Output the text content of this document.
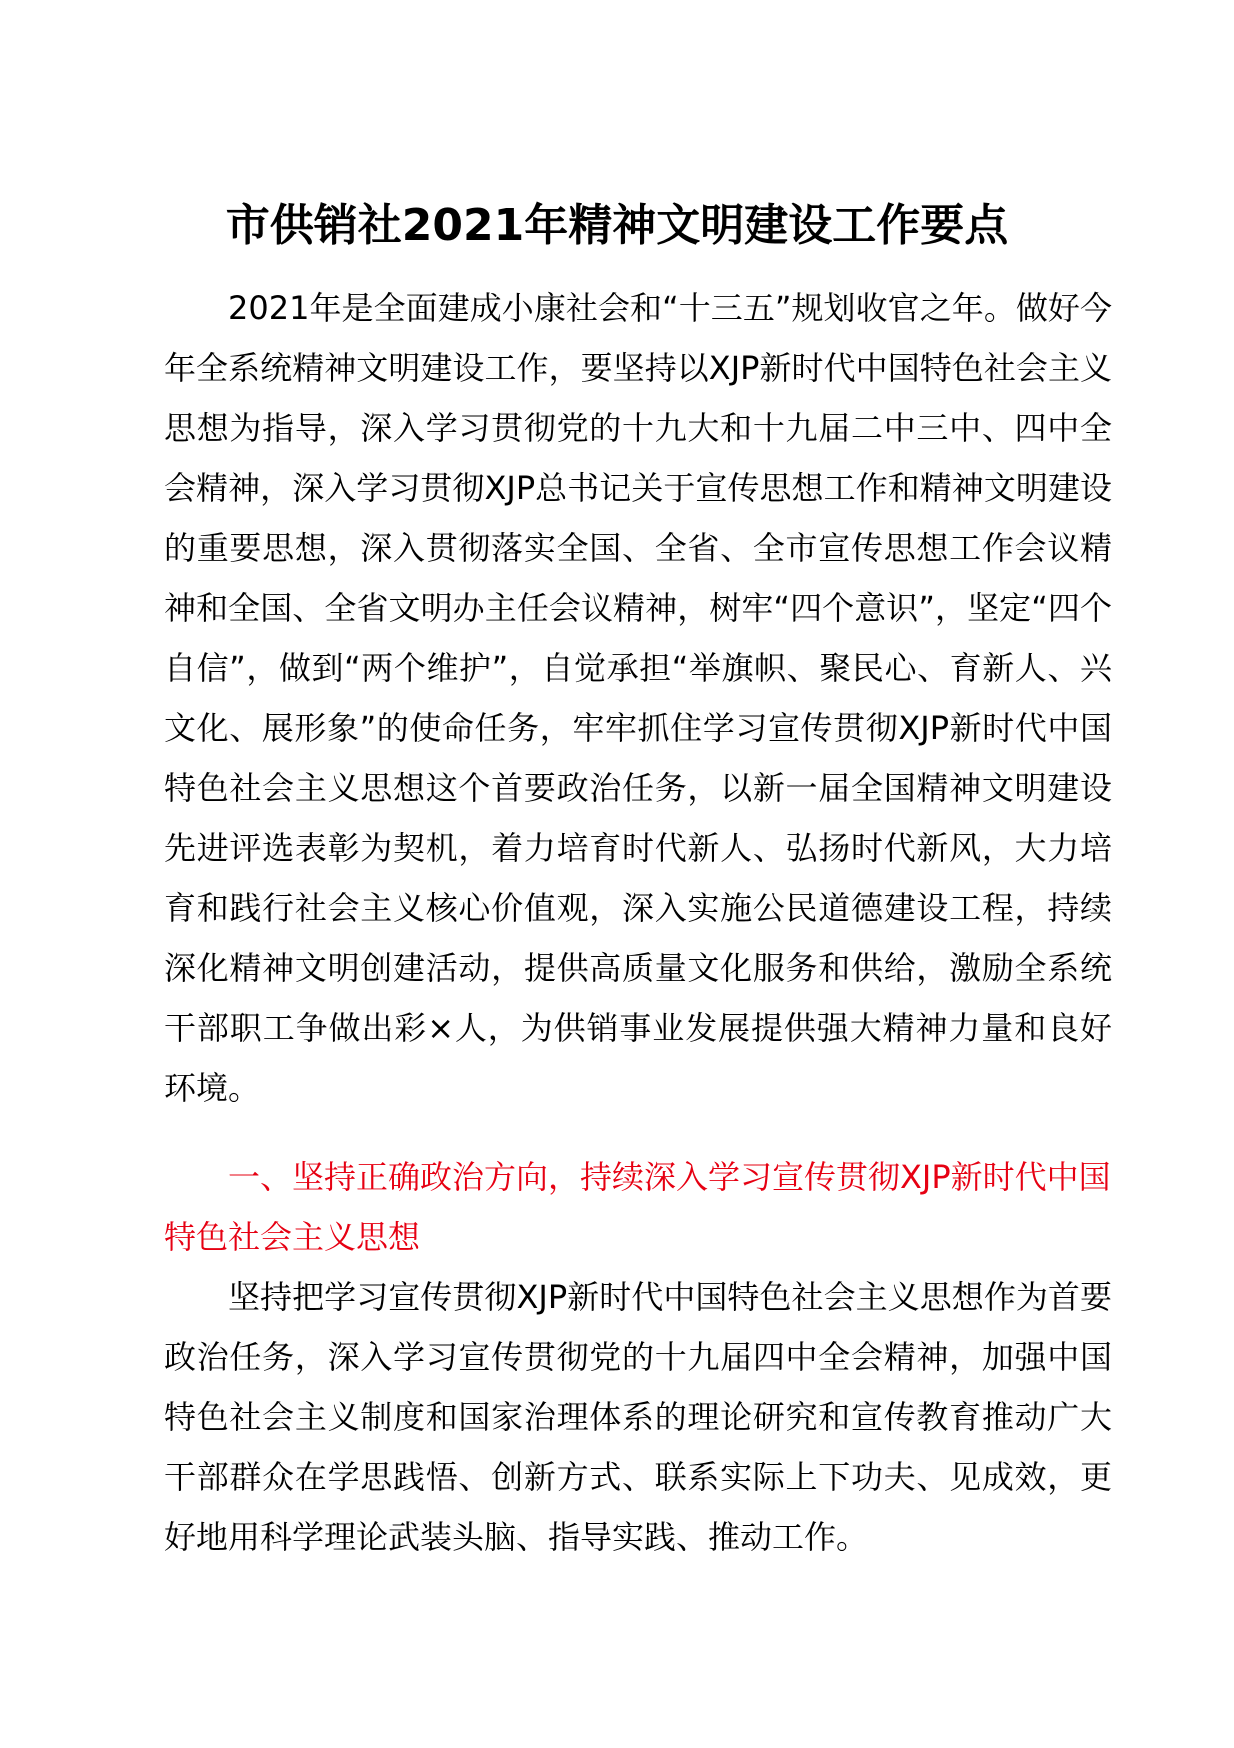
市供销社2021年精神文明建设工作要点

2021年是全面建成小康社会和“十三五”规划收官之年。做好今年全系统精神文明建设工作，要坚持以XJP新时代中国特色社会主义思想为指导，深入学习贯彻党的十九大和十九届二中三中、四中全会精神，深入学习贯彻XJP总书记关于宣传思想工作和精神文明建设的重要思想，深入贯彻落实全国、全省、全市宣传思想工作会议精神和全国、全省文明办主任会议精神，树牢“四个意识”，坚定“四个自信”，做到“两个维护”，自觉承担“举旗帜、聚民心、育新人、兴文化、展形象”的使命任务，牢牢抓住学习宣传贯彻XJP新时代中国特色社会主义思想这个首要政治任务，以新一届全国精神文明建设先进评选表彰为契机，着力培育时代新人、弘扬时代新风，大力培育和践行社会主义核心价值观，深入实施公民道德建设工程，持续深化精神文明创建活动，提供高质量文化服务和供给，激励全系统干部职工争做出彩×人，为供销事业发展提供强大精神力量和良好环境。

一、坚持正确政治方向，持续深入学习宣传贯彻XJP新时代中国特色社会主义思想

坚持把学习宣传贯彻XJP新时代中国特色社会主义思想作为首要政治任务，深入学习宣传贯彻党的十九届四中全会精神，加强中国特色社会主义制度和国家治理体系的理论研究和宣传教育推动广大干部群众在学思践悟、创新方式、联系实际上下功夫、见成效，更好地用科学理论武装头脑、指导实践、推动工作。
